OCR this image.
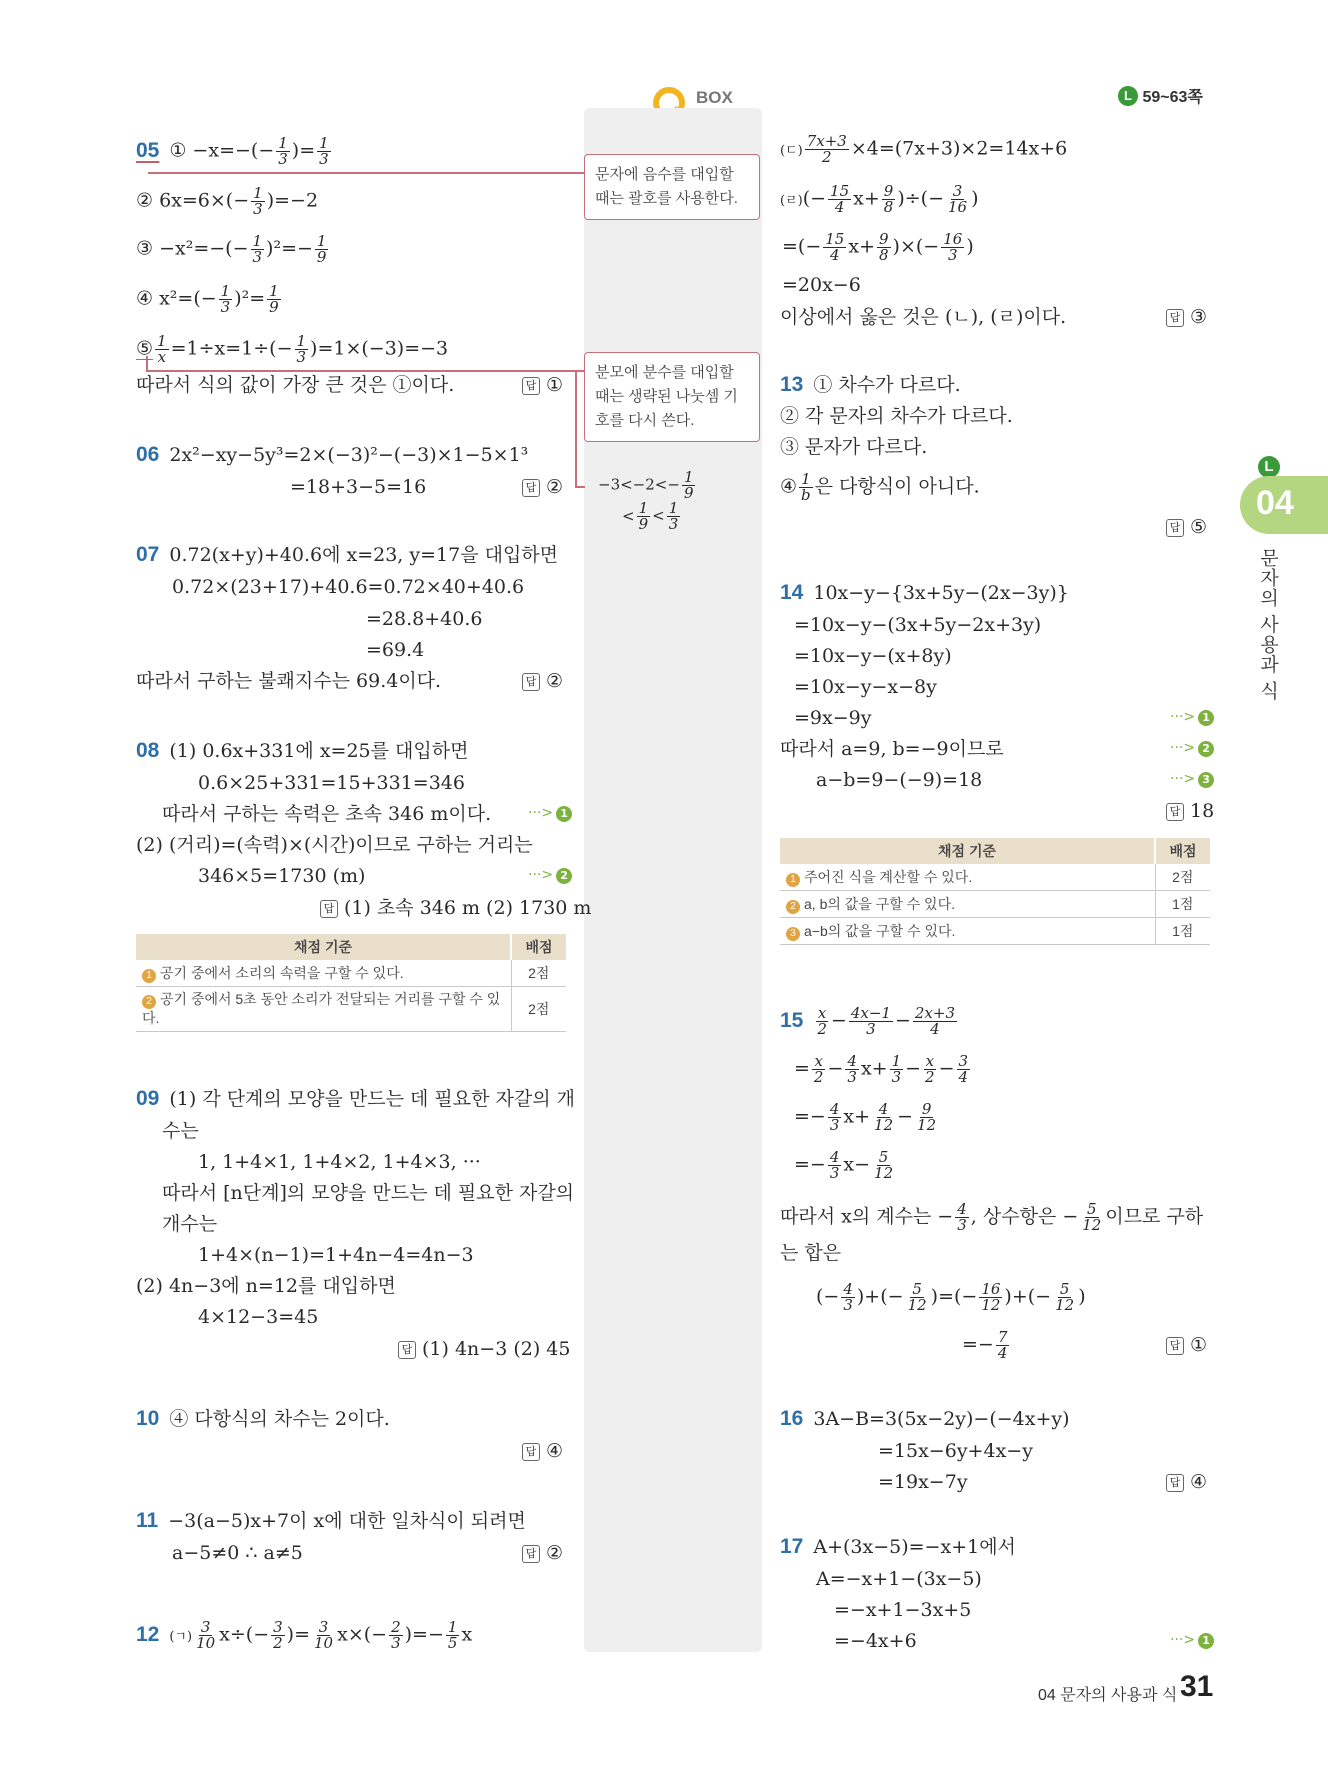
BOX	L 59~63쪽
L
04
문자의 사용과 식
문자에 음수를 대입할 때는 괄호를 사용한다.
분모에 분수를 대입할 때는 생략된 나눗셈 기호를 다시 쓴다.
$-3<-2<- \frac{1}{9}$

< $\frac{1}{9} < \frac{1}{3}$
05 ① $-x=-(- \frac{1}{3}$ )= $\frac{1}{3}$
② $6x=6\times(- \frac{1}{3} )=-2$
③ $-x^2=-(- \frac{1}{3} )^2=- \frac{1}{9}$
④ $x^2=(- \frac{1}{3} )^2= \frac{1}{9}$
⑤ $\frac{1}{x} =1\div x=1\div(- \frac{1}{3} )=1\times(-3)=-3$
따라서 식의 값이 가장 큰 것은 ①이다.	답 ①
06 2x²−xy−5y³=2×(−3)²−(−3)×1−5×1³
=18+3−5=16	답 ②
07 0.72(x+y)+40.6에 x=23, y=17을 대입하면
0.72×(23+17)+40.6=0.72×40+40.6
=28.8+40.6
=69.4
따라서 구하는 불쾌지수는 69.4이다.	답 ②
08 (1) 0.6x+331에 x=25를 대입하면
0.6×25+331=15+331=346
따라서 구하는 속력은 초속 346 m이다.	···> 1
(2) (거리)=(속력)×(시간)이므로 구하는 거리는
346×5=1730 (m)	···> 2
답 (1) 초속 346 m (2) 1730 m
채점 기준	배점
1 공기 중에서 소리의 속력을 구할 수 있다.	2점
2 공기 중에서 5초 동안 소리가 전달되는 거리를 구할 수 있다.	2점
09 (1) 각 단계의 모양을 만드는 데 필요한 자갈의 개
수는
1, 1+4×1, 1+4×2, 1+4×3, ···
따라서 [n단계]의 모양을 만드는 데 필요한 자갈의
개수는
1+4×(n−1)=1+4n−4=4n−3
(2) 4n−3에 n=12를 대입하면
4×12−3=45
답 (1) 4n−3 (2) 45
10 ④ 다항식의 차수는 2이다.
답 ④
11 −3(a−5)x+7이 x에 대한 일차식이 되려면
a−5≠0 ∴ a≠5	답 ②
12 (ㄱ) $\frac{3}{10} x\div(- \frac{3}{2}$ )= $\frac{3}{10} x\times(- \frac{2}{3}$ )=− $\frac{1}{5}$ x
(ㄷ) $\frac{7x+3}{2} \times 4=(7x+3)\times 2=14x+6$
(ㄹ)(− $\frac{15}{4} x+ \frac{9}{8}$ )÷(− $\frac{3}{16}$ )
=(− $\frac{15}{4} x+ \frac{9}{8}$ )×(− $\frac{16}{3}$ )
=20x−6
이상에서 옳은 것은 (ㄴ), (ㄹ)이다.	답 ③
13 ① 차수가 다르다.
② 각 문자의 차수가 다르다.
③ 문자가 다르다.
④ $\frac{1}{b}$ 은 다항식이 아니다.
답 ⑤
14 10x−y−{3x+5y−(2x−3y)}
=10x−y−(3x+5y−2x+3y)
=10x−y−(x+8y)
=10x−y−x−8y
=9x−9y	···> 1
따라서 a=9, b=−9이므로	···> 2
a−b=9−(−9)=18	···> 3
답 18
채점 기준	배점
1 주어진 식을 계산할 수 있다.	2점
2 a, b의 값을 구할 수 있다.	1점
3 a−b의 값을 구할 수 있다.	1점
$15 \frac{x}{2} - \frac{4x-1}{3} - \frac{2x+3}{4}$
= $\frac{x}{2} - \frac{4}{3} x+ \frac{1}{3} - \frac{x}{2} - \frac{3}{4}$
=− $\frac{4}{3} x+ \frac{4}{12} - \frac{9}{12}$
=− $\frac{4}{3} x- \frac{5}{12}$
따라서 x의 계수는 − $\frac{4}{3}$ , 상수항은 − $\frac{5}{12}$ 이므로 구하
는 합은
(− $\frac{4}{3}$ )+(− $\frac{5}{12}$ )=(− $\frac{16}{12}$ )+(− $\frac{5}{12}$ )
=− $\frac{7}{4}$	답 ①
16 3A−B=3(5x−2y)−(−4x+y)
=15x−6y+4x−y
=19x−7y	답 ④
17 A+(3x−5)=−x+1에서
A=−x+1−(3x−5)
=−x+1−3x+5
=−4x+6	···> 1
04 문자의 사용과 식 31
